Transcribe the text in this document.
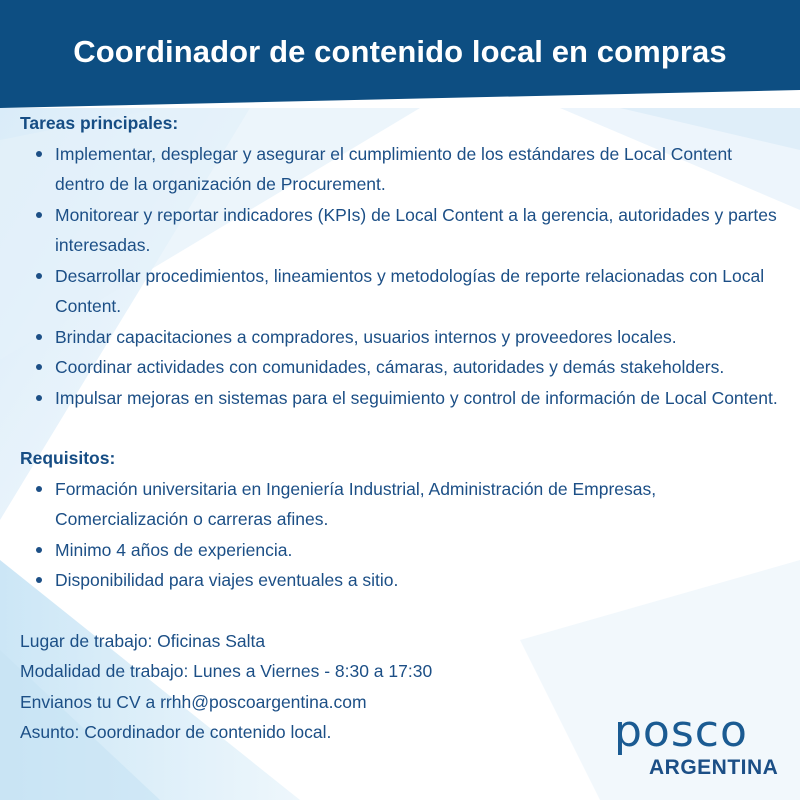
Coordinador de contenido local en compras
Tareas principales:
Implementar, desplegar y asegurar el cumplimiento de los estándares de Local Content dentro de la organización de Procurement.
Monitorear y reportar indicadores (KPIs) de Local Content a la gerencia, autoridades y partes interesadas.
Desarrollar procedimientos, lineamientos y metodologías de reporte relacionadas con Local Content.
Brindar capacitaciones a compradores, usuarios internos y proveedores locales.
Coordinar actividades con comunidades, cámaras, autoridades y demás stakeholders.
Impulsar mejoras en sistemas para el seguimiento y control de información de Local Content.
Requisitos:
Formación universitaria en Ingeniería Industrial, Administración de Empresas, Comercialización o carreras afines.
Minimo 4 años de experiencia.
Disponibilidad para viajes eventuales a sitio.
Lugar de trabajo: Oficinas Salta
Modalidad de trabajo: Lunes a Viernes - 8:30 a 17:30
Envianos tu CV a rrhh@poscoargentina.com
Asunto: Coordinador de contenido local.	posco
ARGENTINA
